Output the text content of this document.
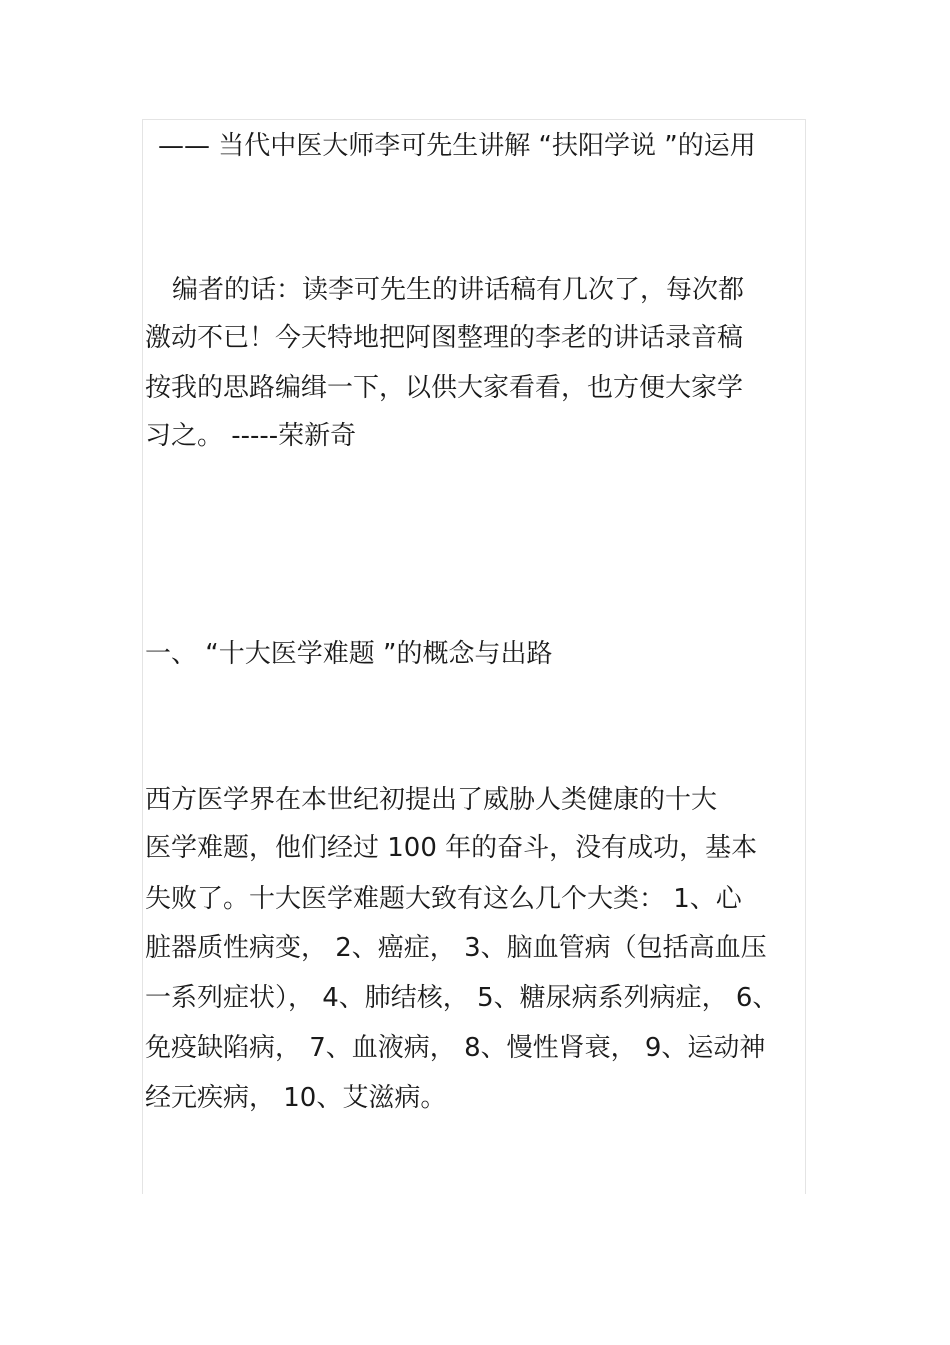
—— 当代中医大师李可先生讲解 “扶阳学说 ”的运用
编者的话：读李可先生的讲话稿有几次了，每次都
激动不已！今天特地把阿图整理的李老的讲话录音稿
按我的思路编缉一下，以供大家看看，也方便大家学
习之。 -----荣新奇
一、 “十大医学难题 ”的概念与出路
西方医学界在本世纪初提出了威胁人类健康的十大
医学难题，他们经过 100 年的奋斗，没有成功，基本
失败了。十大医学难题大致有这么几个大类： 1、心
脏器质性病变， 2、癌症， 3、脑血管病（包括高血压
一系列症状）， 4、肺结核， 5、糖尿病系列病症， 6、
免疫缺陷病， 7、血液病， 8、慢性肾衰， 9、运动神
经元疾病， 10、艾滋病。
